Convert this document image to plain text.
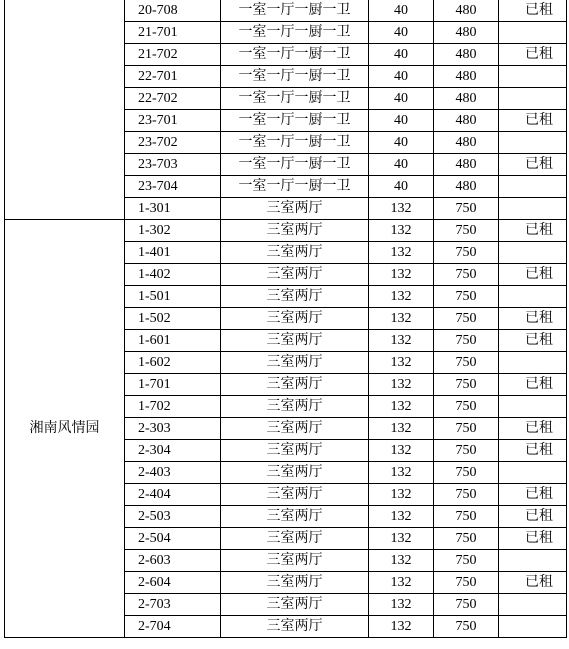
	20-708	一室一厅一厨一卫	40	480	已租
	21-701	一室一厅一厨一卫	40	480	
	21-702	一室一厅一厨一卫	40	480	已租
	22-701	一室一厅一厨一卫	40	480	
	22-702	一室一厅一厨一卫	40	480	
	23-701	一室一厅一厨一卫	40	480	已租
	23-702	一室一厅一厨一卫	40	480	
	23-703	一室一厅一厨一卫	40	480	已租
	23-704	一室一厅一厨一卫	40	480	
	1-301	三室两厅	132	750	
湘南风情园	1-302	三室两厅	132	750	已租
	1-401	三室两厅	132	750	
	1-402	三室两厅	132	750	已租
	1-501	三室两厅	132	750	
	1-502	三室两厅	132	750	已租
	1-601	三室两厅	132	750	已租
	1-602	三室两厅	132	750	
	1-701	三室两厅	132	750	已租
	1-702	三室两厅	132	750	
	2-303	三室两厅	132	750	已租
	2-304	三室两厅	132	750	已租
	2-403	三室两厅	132	750	
	2-404	三室两厅	132	750	已租
	2-503	三室两厅	132	750	已租
	2-504	三室两厅	132	750	已租
	2-603	三室两厅	132	750	
	2-604	三室两厅	132	750	已租
	2-703	三室两厅	132	750	
	2-704	三室两厅	132	750	
